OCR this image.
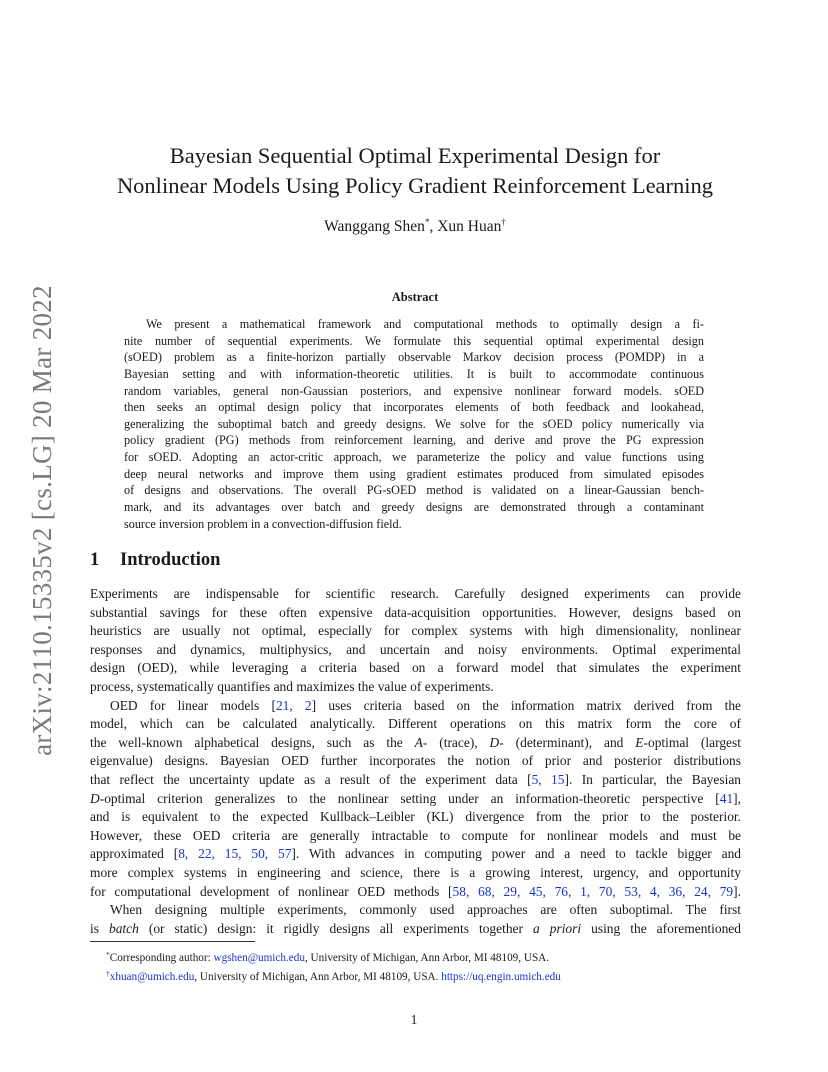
arXiv:2110.15335v2 [cs.LG] 20 Mar 2022
Bayesian Sequential Optimal Experimental Design for
Nonlinear Models Using Policy Gradient Reinforcement Learning
Wanggang Shen*, Xun Huan†
Abstract
We present a mathematical framework and computational methods to optimally design a fi-
nite number of sequential experiments. We formulate this sequential optimal experimental design
(sOED) problem as a finite-horizon partially observable Markov decision process (POMDP) in a
Bayesian setting and with information-theoretic utilities. It is built to accommodate continuous
random variables, general non-Gaussian posteriors, and expensive nonlinear forward models. sOED
then seeks an optimal design policy that incorporates elements of both feedback and lookahead,
generalizing the suboptimal batch and greedy designs. We solve for the sOED policy numerically via
policy gradient (PG) methods from reinforcement learning, and derive and prove the PG expression
for sOED. Adopting an actor-critic approach, we parameterize the policy and value functions using
deep neural networks and improve them using gradient estimates produced from simulated episodes
of designs and observations. The overall PG-sOED method is validated on a linear-Gaussian bench-
mark, and its advantages over batch and greedy designs are demonstrated through a contaminant
source inversion problem in a convection-diffusion field.
1 Introduction
Experiments are indispensable for scientific research. Carefully designed experiments can provide
substantial savings for these often expensive data-acquisition opportunities. However, designs based on
heuristics are usually not optimal, especially for complex systems with high dimensionality, nonlinear
responses and dynamics, multiphysics, and uncertain and noisy environments. Optimal experimental
design (OED), while leveraging a criteria based on a forward model that simulates the experiment
process, systematically quantifies and maximizes the value of experiments.
OED for linear models [21, 2] uses criteria based on the information matrix derived from the
model, which can be calculated analytically. Different operations on this matrix form the core of
the well-known alphabetical designs, such as the A- (trace), D- (determinant), and E-optimal (largest
eigenvalue) designs. Bayesian OED further incorporates the notion of prior and posterior distributions
that reflect the uncertainty update as a result of the experiment data [5, 15]. In particular, the Bayesian
D-optimal criterion generalizes to the nonlinear setting under an information-theoretic perspective [41],
and is equivalent to the expected Kullback–Leibler (KL) divergence from the prior to the posterior.
However, these OED criteria are generally intractable to compute for nonlinear models and must be
approximated [8, 22, 15, 50, 57]. With advances in computing power and a need to tackle bigger and
more complex systems in engineering and science, there is a growing interest, urgency, and opportunity
for computational development of nonlinear OED methods [58, 68, 29, 45, 76, 1, 70, 53, 4, 36, 24, 79].
When designing multiple experiments, commonly used approaches are often suboptimal. The first
is batch (or static) design: it rigidly designs all experiments together a priori using the aforementioned
*Corresponding author: wgshen@umich.edu, University of Michigan, Ann Arbor, MI 48109, USA.
†xhuan@umich.edu, University of Michigan, Ann Arbor, MI 48109, USA. https://uq.engin.umich.edu
1
